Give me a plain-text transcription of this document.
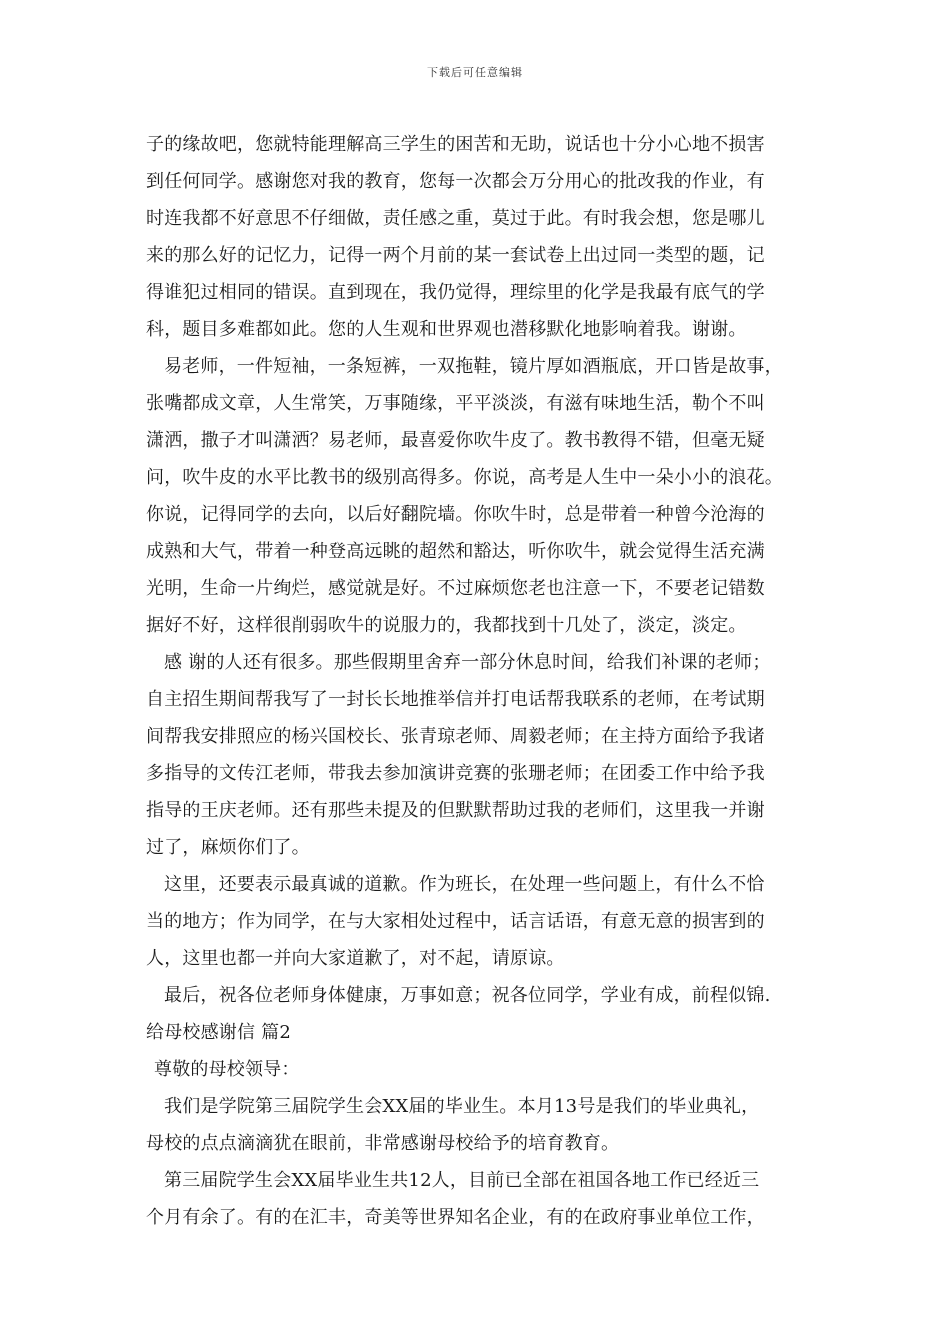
下载后可任意编辑
子的缘故吧，您就特能理解高三学生的困苦和无助，说话也十分小心地不损害
到任何同学。感谢您对我的教育，您每一次都会万分用心的批改我的作业，有
时连我都不好意思不仔细做，责任感之重，莫过于此。有时我会想，您是哪儿
来的那么好的记忆力，记得一两个月前的某一套试卷上出过同一类型的题，记
得谁犯过相同的错误。直到现在，我仍觉得，理综里的化学是我最有底气的学
科，题目多难都如此。您的人生观和世界观也潜移默化地影响着我。谢谢。
易老师，一件短袖，一条短裤，一双拖鞋，镜片厚如酒瓶底，开口皆是故事，
张嘴都成文章，人生常笑，万事随缘，平平淡淡，有滋有味地生活，勒个不叫
潇洒，撒子才叫潇洒？易老师，最喜爱你吹牛皮了。教书教得不错，但毫无疑
问，吹牛皮的水平比教书的级别高得多。你说，高考是人生中一朵小小的浪花。
你说，记得同学的去向，以后好翻院墙。你吹牛时，总是带着一种曾今沧海的
成熟和大气，带着一种登高远眺的超然和豁达，听你吹牛，就会觉得生活充满
光明，生命一片绚烂，感觉就是好。不过麻烦您老也注意一下，不要老记错数
据好不好，这样很削弱吹牛的说服力的，我都找到十几处了，淡定，淡定。
感 谢的人还有很多。那些假期里舍弃一部分休息时间，给我们补课的老师；
自主招生期间帮我写了一封长长地推举信并打电话帮我联系的老师，在考试期
间帮我安排照应的杨兴国校长、张青琼老师、周毅老师；在主持方面给予我诸
多指导的文传江老师，带我去参加演讲竞赛的张珊老师；在团委工作中给予我
指导的王庆老师。还有那些未提及的但默默帮助过我的老师们，这里我一并谢
过了，麻烦你们了。
这里，还要表示最真诚的道歉。作为班长，在处理一些问题上，有什么不恰
当的地方；作为同学，在与大家相处过程中，话言话语，有意无意的损害到的
人，这里也都一并向大家道歉了，对不起，请原谅。
最后，祝各位老师身体健康，万事如意；祝各位同学，学业有成，前程似锦.
给母校感谢信 篇2
尊敬的母校领导：
我们是学院第三届院学生会XX届的毕业生。本月13号是我们的毕业典礼，
母校的点点滴滴犹在眼前，非常感谢母校给予的培育教育。
第三届院学生会XX届毕业生共12人，目前已全部在祖国各地工作已经近三
个月有余了。有的在汇丰，奇美等世界知名企业，有的在政府事业单位工作，
